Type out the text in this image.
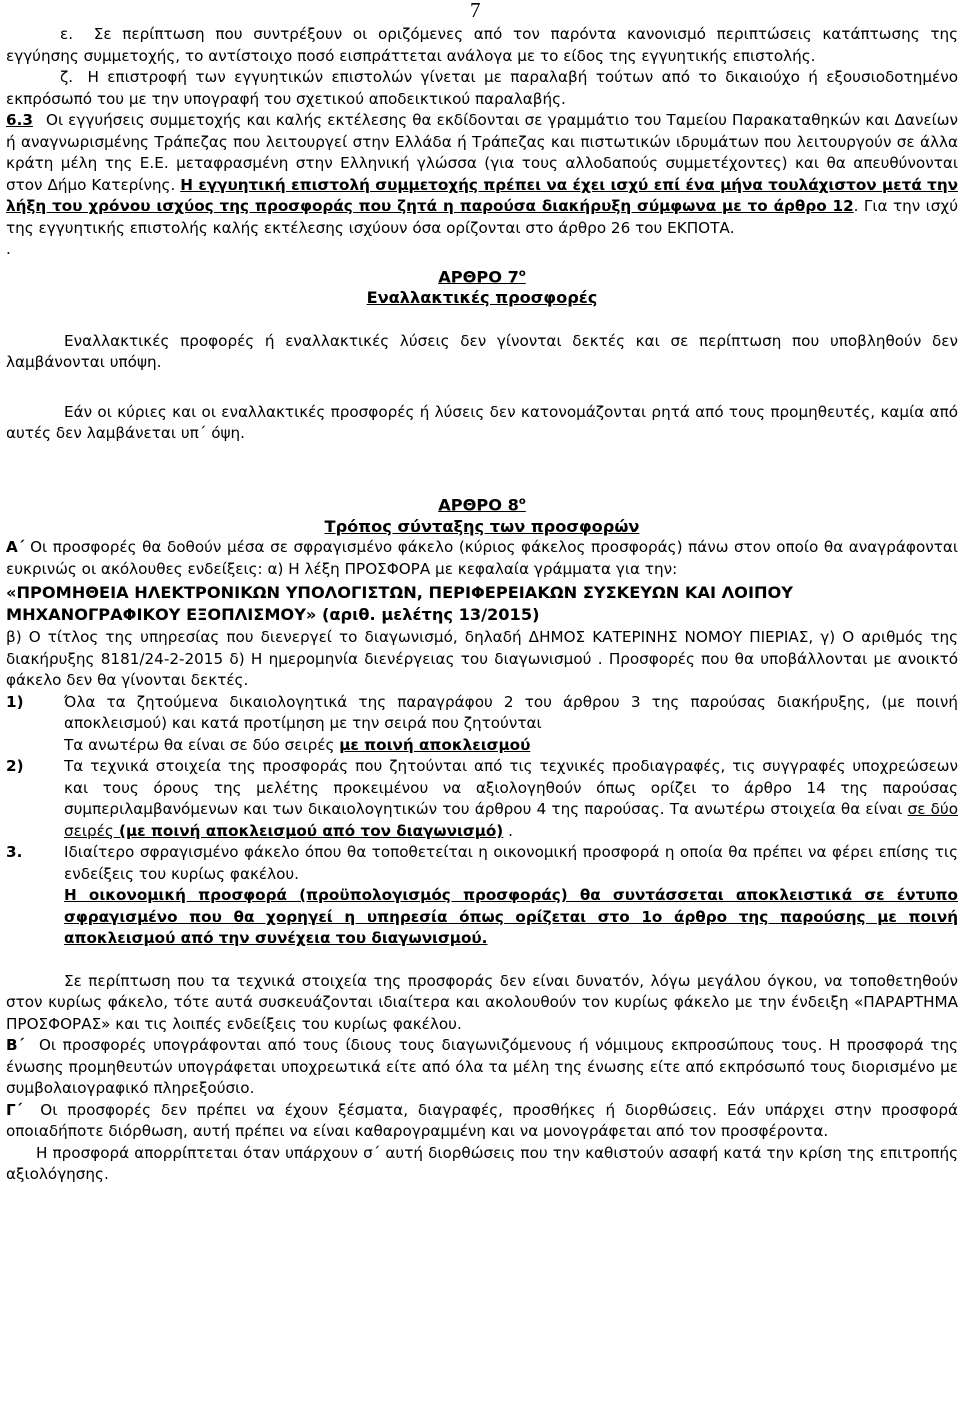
7

ε. Σε περίπτωση που συντρέξουν οι οριζόμενες από τον παρόντα κανονισμό περιπτώσεις κατάπτωσης της εγγύησης συμμετοχής, το αντίστοιχο ποσό εισπράττεται ανάλογα με το είδος της εγγυητικής επιστολής.

ζ. Η επιστροφή των εγγυητικών επιστολών γίνεται με παραλαβή τούτων από το δικαιούχο ή εξουσιοδοτημένο εκπρόσωπό του με την υπογραφή του σχετικού αποδεικτικού παραλαβής.

6.3 Οι εγγυήσεις συμμετοχής και καλής εκτέλεσης θα εκδίδονται σε γραμμάτιο του Ταμείου Παρακαταθηκών και Δανείων ή αναγνωρισμένης Τράπεζας που λειτουργεί στην Ελλάδα ή Τράπεζας και πιστωτικών ιδρυμάτων που λειτουργούν σε άλλα κράτη μέλη της Ε.Ε. μεταφρασμένη στην Ελληνική γλώσσα (για τους αλλοδαπούς συμμετέχοντες) και θα απευθύνονται στον Δήμο Κατερίνης. Η εγγυητική επιστολή συμμετοχής πρέπει να έχει ισχύ επί ένα μήνα τουλάχιστον μετά την λήξη του χρόνου ισχύος της προσφοράς που ζητά η παρούσα διακήρυξη σύμφωνα με το άρθρο 12. Για την ισχύ της εγγυητικής επιστολής καλής εκτέλεσης ισχύουν όσα ορίζονται στο άρθρο 26 του ΕΚΠΟΤΑ.

.

ΑΡΘΡΟ $7^o$

Εναλλακτικές προσφορές

Εναλλακτικές προφορές ή εναλλακτικές λύσεις δεν γίνονται δεκτές και σε περίπτωση που υποβληθούν δεν λαμβάνονται υπόψη.

Εάν οι κύριες και οι εναλλακτικές προσφορές ή λύσεις δεν κατονομάζονται ρητά από τους προμηθευτές, καμία από αυτές δεν λαμβάνεται υπ΄ όψη.

ΑΡΘΡΟ $8^o$

Τρόπος σύνταξης των προσφορών

Α΄ Οι προσφορές θα δοθούν μέσα σε σφραγισμένο φάκελο (κύριος φάκελος προσφοράς) πάνω στον οποίο θα αναγράφονται ευκρινώς οι ακόλουθες ενδείξεις: α) Η λέξη ΠΡΟΣΦΟΡΑ με κεφαλαία γράμματα για την:

«ΠΡΟΜΗΘΕΙΑ ΗΛΕΚΤΡΟΝΙΚΩΝ ΥΠΟΛΟΓΙΣΤΩΝ, ΠΕΡΙΦΕΡΕΙΑΚΩΝ ΣΥΣΚΕΥΩΝ ΚΑΙ ΛΟΙΠΟΥ ΜΗΧΑΝΟΓΡΑΦΙΚΟΥ ΕΞΟΠΛΙΣΜΟΥ» (αριθ. μελέτης 13/2015)

β) Ο τίτλος της υπηρεσίας που διενεργεί το διαγωνισμό, δηλαδή ΔΗΜΟΣ ΚΑΤΕΡΙΝΗΣ ΝΟΜΟΥ ΠΙΕΡΙΑΣ, γ) Ο αριθμός της διακήρυξης 8181/24-2-2015 δ) Η ημερομηνία διενέργειας του διαγωνισμού . Προσφορές που θα υποβάλλονται με ανοικτό φάκελο δεν θα γίνονται δεκτές.

1)	Όλα τα ζητούμενα δικαιολογητικά της παραγράφου 2 του άρθρου 3 της παρούσας διακήρυξης, (με ποινή αποκλεισμού) και κατά προτίμηση με την σειρά που ζητούνται

Τα ανωτέρω θα είναι σε δύο σειρές με ποινή αποκλεισμού

2)	Τα τεχνικά στοιχεία της προσφοράς που ζητούνται από τις τεχνικές προδιαγραφές, τις συγγραφές υποχρεώσεων και τους όρους της μελέτης προκειμένου να αξιολογηθούν όπως ορίζει το άρθρο 14 της παρούσας συμπεριλαμβανόμενων και των δικαιολογητικών του άρθρου 4 της παρούσας. Τα ανωτέρω στοιχεία θα είναι σε δύο σειρές (με ποινή αποκλεισμού από τον διαγωνισμό) .

3.	Ιδιαίτερο σφραγισμένο φάκελο όπου θα τοποθετείται η οικονομική προσφορά η οποία θα πρέπει να φέρει επίσης τις ενδείξεις του κυρίως φακέλου.

Η οικονομική προσφορά (προϋπολογισμός προσφοράς) θα συντάσσεται αποκλειστικά σε έντυπο σφραγισμένο που θα χορηγεί η υπηρεσία όπως ορίζεται στο 1ο άρθρο της παρούσης με ποινή αποκλεισμού από την συνέχεια του διαγωνισμού.

Σε περίπτωση που τα τεχνικά στοιχεία της προσφοράς δεν είναι δυνατόν, λόγω μεγάλου όγκου, να τοποθετηθούν στον κυρίως φάκελο, τότε αυτά συσκευάζονται ιδιαίτερα και ακολουθούν τον κυρίως φάκελο με την ένδειξη «ΠΑΡΑΡΤΗΜΑ ΠΡΟΣΦΟΡΑΣ» και τις λοιπές ενδείξεις του κυρίως φακέλου.

Β΄ Οι προσφορές υπογράφονται από τους ίδιους τους διαγωνιζόμενους ή νόμιμους εκπροσώπους τους. Η προσφορά της ένωσης προμηθευτών υπογράφεται υποχρεωτικά είτε από όλα τα μέλη της ένωσης είτε από εκπρόσωπό τους διορισμένο με συμβολαιογραφικό πληρεξούσιο.

Γ΄ Οι προσφορές δεν πρέπει να έχουν ξέσματα, διαγραφές, προσθήκες ή διορθώσεις. Εάν υπάρχει στην προσφορά οποιαδήποτε διόρθωση, αυτή πρέπει να είναι καθαρογραμμένη και να μονογράφεται από τον προσφέροντα.

Η προσφορά απορρίπτεται όταν υπάρχουν σ΄ αυτή διορθώσεις που την καθιστούν ασαφή κατά την κρίση της επιτροπής αξιολόγησης.
